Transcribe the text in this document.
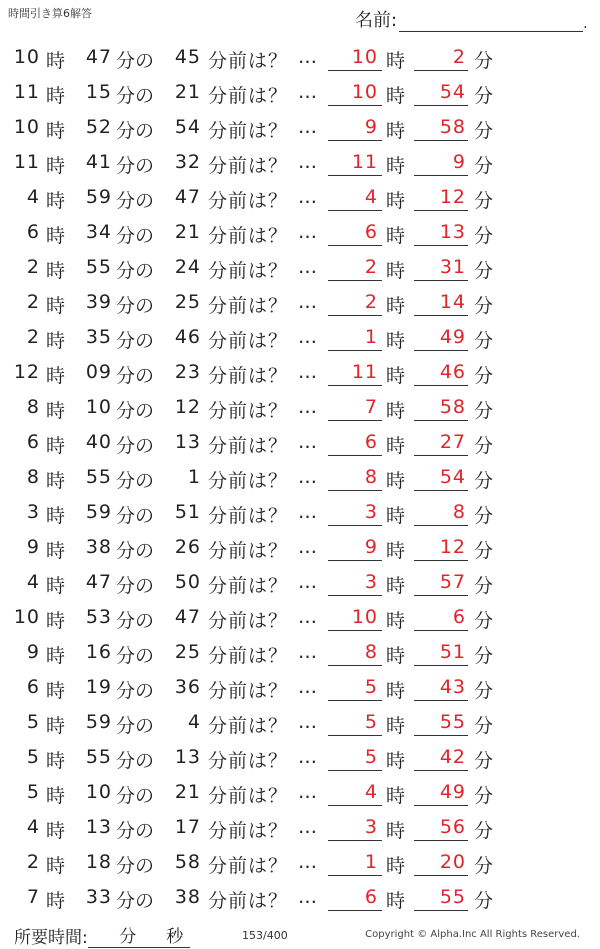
時間引き算6解答	名前:	.
10 時	47 分の	45 分前は？ …	10 時	2 分
11 時	15 分の	21 分前は？ …	10 時	54 分
10 時	52 分の	54 分前は？ …	9 時	58 分
11 時	41 分の	32 分前は？ …	11 時	9 分
4 時	59 分の	47 分前は？ …	4 時	12 分
6 時	34 分の	21 分前は？ …	6 時	13 分
2 時	55 分の	24 分前は？ …	2 時	31 分
2 時	39 分の	25 分前は？ …	2 時	14 分
2 時	35 分の	46 分前は？ …	1 時	49 分
12 時	09 分の	23 分前は？ …	11 時	46 分
8 時	10 分の	12 分前は？ …	7 時	58 分
6 時	40 分の	13 分前は？ …	6 時	27 分
8 時	55 分の	1 分前は？ …	8 時	54 分
3 時	59 分の	51 分前は？ …	3 時	8 分
9 時	38 分の	26 分前は？ …	9 時	12 分
4 時	47 分の	50 分前は？ …	3 時	57 分
10 時	53 分の	47 分前は？ …	10 時	6 分
9 時	16 分の	25 分前は？ …	8 時	51 分
6 時	19 分の	36 分前は？ …	5 時	43 分
5 時	59 分の	4 分前は？ …	5 時	55 分
5 時	55 分の	13 分前は？ …	5 時	42 分
5 時	10 分の	21 分前は？ …	4 時	49 分
4 時	13 分の	17 分前は？ …	3 時	56 分
2 時	18 分の	58 分前は？ …	1 時	20 分
7 時	33 分の	38 分前は？ …	6 時	55 分
所要時間:	分	秒	153/400	Copyright © Alpha.Inc All Rights Reserved.
